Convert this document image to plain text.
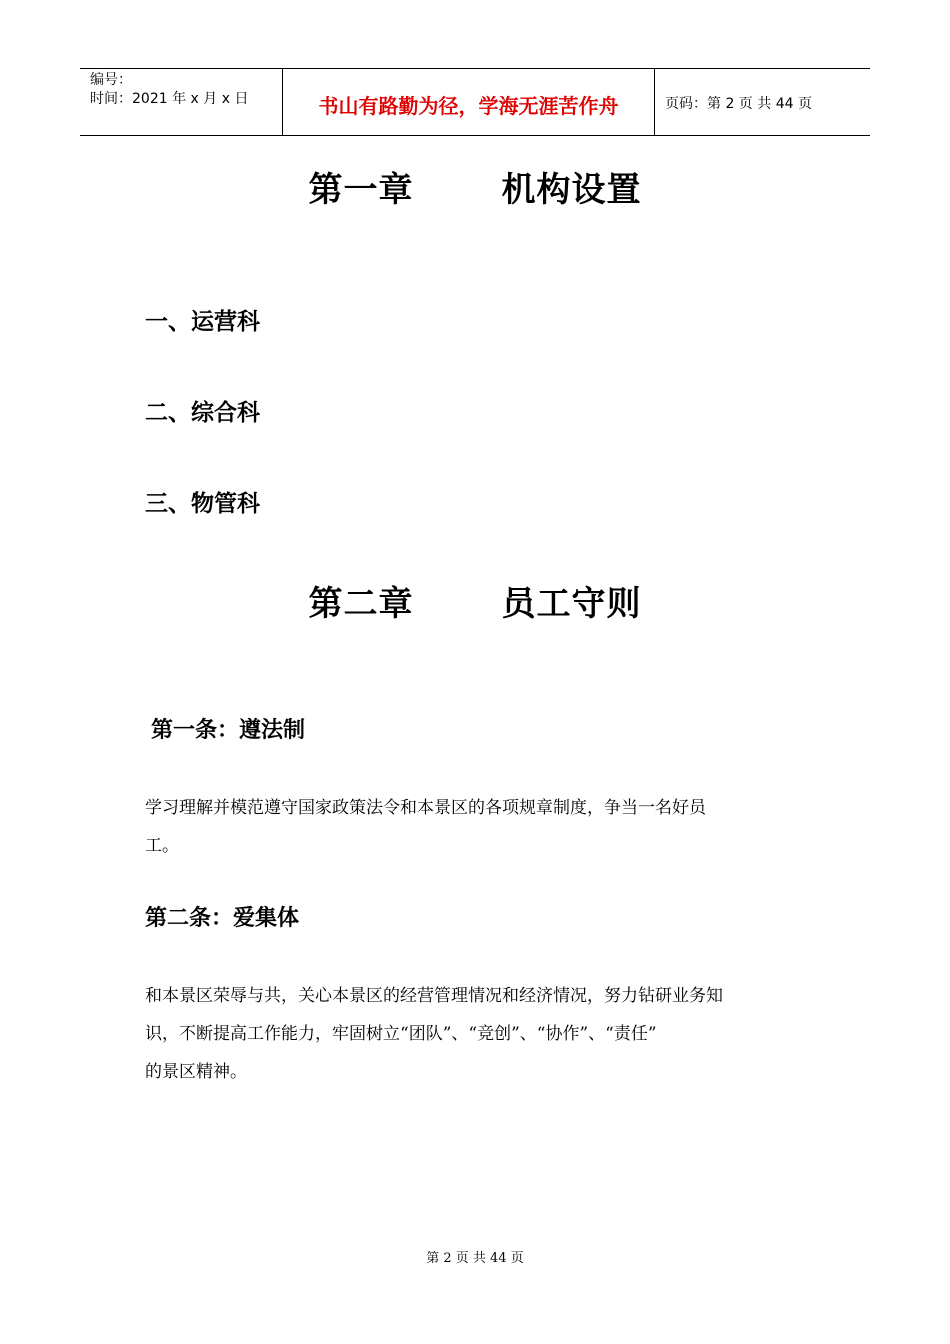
编号：
时间：2021 年 x 月 x 日	书山有路勤为径，学海无涯苦作舟	页码：第 2 页 共 44 页
第一章	机构设置
一、运营科
二、综合科
三、物管科
第二章	员工守则
第一条：遵法制
学习理解并模范遵守国家政策法令和本景区的各项规章制度，争当一名好员
工。
第二条：爱集体
和本景区荣辱与共，关心本景区的经营管理情况和经济情况，努力钻研业务知
识，不断提高工作能力，牢固树立“团队”、“竞创”、“协作”、“责任”
的景区精神。
第 2 页 共 44 页
